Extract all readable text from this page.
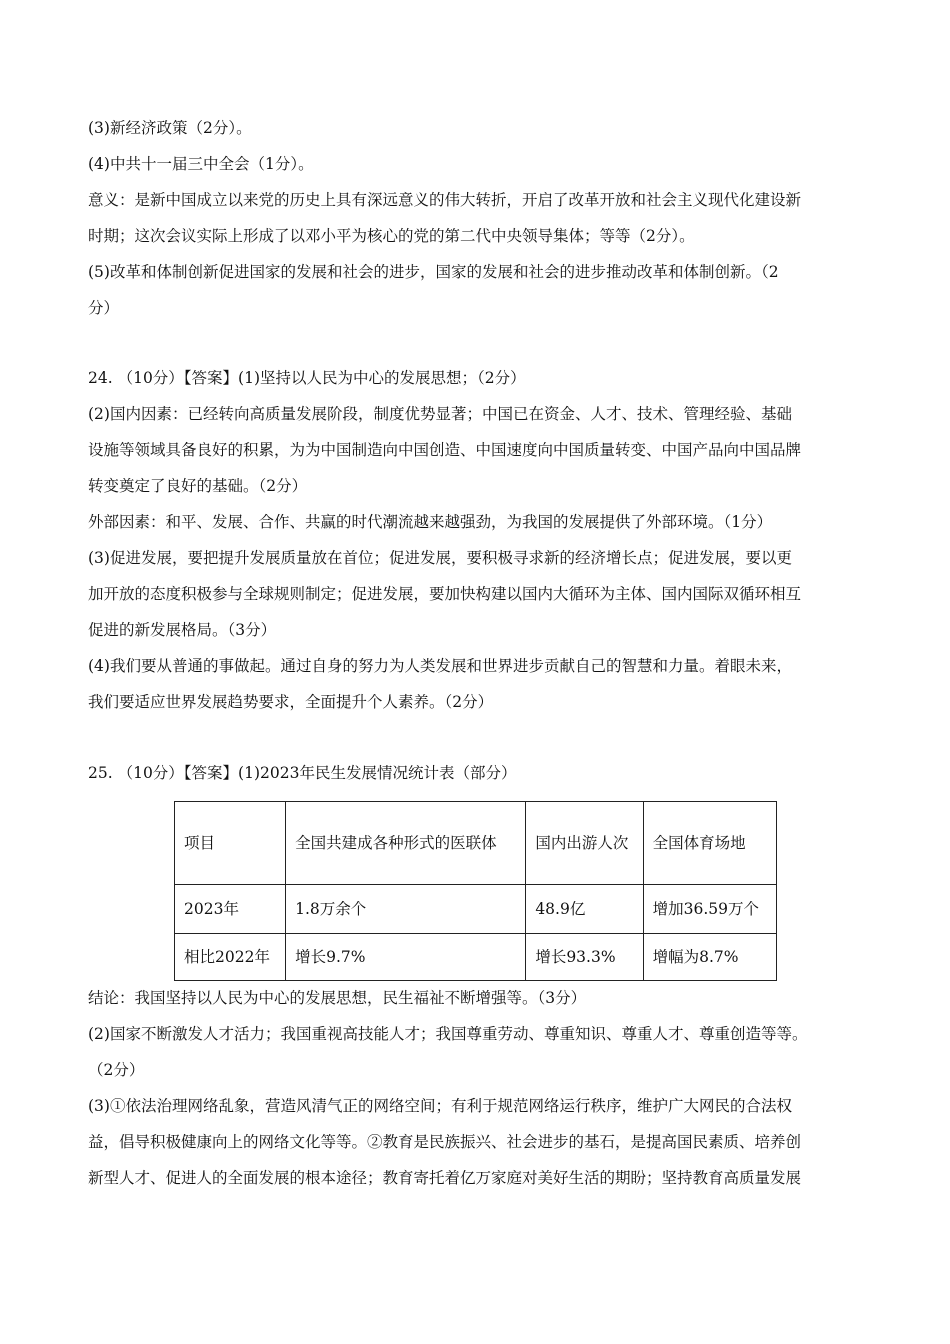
(3)新经济政策（2分）。
(4)中共十一届三中全会（1分）。
意义：是新中国成立以来党的历史上具有深远意义的伟大转折，开启了改革开放和社会主义现代化建设新
时期；这次会议实际上形成了以邓小平为核心的党的第二代中央领导集体；等等（2分）。
(5)改革和体制创新促进国家的发展和社会的进步，国家的发展和社会的进步推动改革和体制创新。（2
分）
24. （10分）【答案】(1)坚持以人民为中心的发展思想；（2分）
(2)国内因素：已经转向高质量发展阶段，制度优势显著；中国已在资金、人才、技术、管理经验、基础
设施等领域具备良好的积累，为为中国制造向中国创造、中国速度向中国质量转变、中国产品向中国品牌
转变奠定了良好的基础。（2分）
外部因素：和平、发展、合作、共赢的时代潮流越来越强劲，为我国的发展提供了外部环境。（1分）
(3)促进发展，要把提升发展质量放在首位；促进发展，要积极寻求新的经济增长点；促进发展，要以更
加开放的态度积极参与全球规则制定；促进发展，要加快构建以国内大循环为主体、国内国际双循环相互
促进的新发展格局。（3分）
(4)我们要从普通的事做起。通过自身的努力为人类发展和世界进步贡献自己的智慧和力量。着眼未来，
我们要适应世界发展趋势要求，全面提升个人素养。（2分）
25. （10分）【答案】(1)2023年民生发展情况统计表（部分）
项目	全国共建成各种形式的医联体	国内出游人次	全国体育场地
2023年	1.8万余个	48.9亿	增加36.59万个
相比2022年	增长9.7%	增长93.3%	增幅为8.7%
结论：我国坚持以人民为中心的发展思想，民生福祉不断增强等。（3分）
(2)国家不断激发人才活力；我国重视高技能人才；我国尊重劳动、尊重知识、尊重人才、尊重创造等等。
（2分）
(3)①依法治理网络乱象，营造风清气正的网络空间；有利于规范网络运行秩序，维护广大网民的合法权
益，倡导积极健康向上的网络文化等等。②教育是民族振兴、社会进步的基石，是提高国民素质、培养创
新型人才、促进人的全面发展的根本途径；教育寄托着亿万家庭对美好生活的期盼；坚持教育高质量发展
